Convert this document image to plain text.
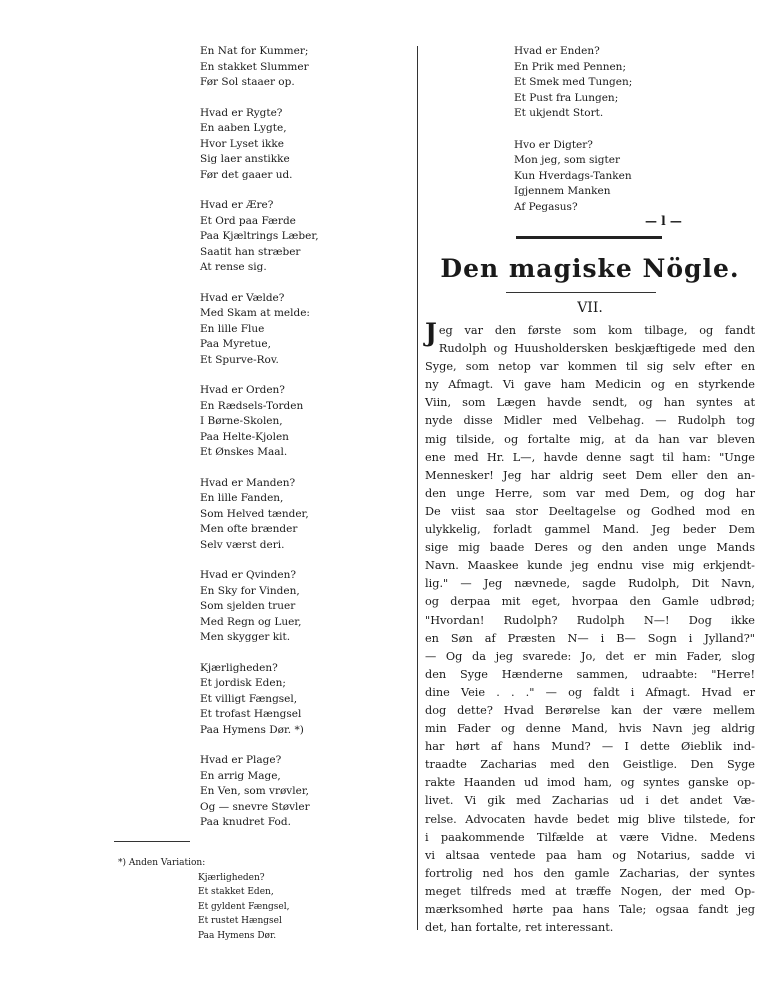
En Nat for Kummer;
En stakket Slummer
Før Sol staaer op.
Hvad er Rygte?
En aaben Lygte,
Hvor Lyset ikke
Sig laer anstikke
Før det gaaer ud.
Hvad er Ære?
Et Ord paa Færde
Paa Kjæltrings Læber,
Saatit han stræber
At rense sig.
Hvad er Vælde?
Med Skam at melde:
En lille Flue
Paa Myretue,
Et Spurve-Rov.
Hvad er Orden?
En Rædsels-Torden
I Børne-Skolen,
Paa Helte-Kjolen
Et Ønskes Maal.
Hvad er Manden?
En lille Fanden,
Som Helved tænder,
Men ofte brænder
Selv værst deri.
Hvad er Qvinden?
En Sky for Vinden,
Som sjelden truer
Med Regn og Luer,
Men skygger kit.
Kjærligheden?
Et jordisk Eden;
Et villigt Fængsel,
Et trofast Hængsel
Paa Hymens Dør. *)
Hvad er Plage?
En arrig Mage,
En Ven, som vrøvler,
Og — snevre Støvler
Paa knudret Fod.
*) Anden Variation:
Kjærligheden?
Et stakket Eden,
Et gyldent Fængsel,
Et rustet Hængsel
Paa Hymens Dør.
Hvad er Enden?
En Prik med Pennen;
Et Smek med Tungen;
Et Pust fra Lungen;
Et ukjendt Stort.
Hvo er Digter?
Mon jeg, som sigter
Kun Hverdags-Tanken
Igjennem Manken
Af Pegasus?
— l —
Den magiske Nögle.
VII.
J eg var den første som kom tilbage, og fandt
Rudolph og Huusholdersken beskjæftigede med den
Syge, som netop var kommen til sig selv efter en
ny Afmagt. Vi gave ham Medicin og en styrkende
Viin, som Lægen havde sendt, og han syntes at
nyde disse Midler med Velbehag. — Rudolph tog
mig tilside, og fortalte mig, at da han var bleven
ene med Hr. L—, havde denne sagt til ham: "Unge
Mennesker! Jeg har aldrig seet Dem eller den an-
den unge Herre, som var med Dem, og dog har
De viist saa stor Deeltagelse og Godhed mod en
ulykkelig, forladt gammel Mand. Jeg beder Dem
sige mig baade Deres og den anden unge Mands
Navn. Maaskee kunde jeg endnu vise mig erkjendt-
lig." — Jeg nævnede, sagde Rudolph, Dit Navn,
og derpaa mit eget, hvorpaa den Gamle udbrød;
"Hvordan! Rudolph? Rudolph N—! Dog ikke
en Søn af Præsten N— i B— Sogn i Jylland?"
— Og da jeg svarede: Jo, det er min Fader, slog
den Syge Hænderne sammen, udraabte: "Herre!
dine Veie . . ." — og faldt i Afmagt. Hvad er
dog dette? Hvad Berørelse kan der være mellem
min Fader og denne Mand, hvis Navn jeg aldrig
har hørt af hans Mund? — I dette Øieblik ind-
traadte Zacharias med den Geistlige. Den Syge
rakte Haanden ud imod ham, og syntes ganske op-
livet. Vi gik med Zacharias ud i det andet Væ-
relse. Advocaten havde bedet mig blive tilstede, for
i paakommende Tilfælde at være Vidne. Medens
vi altsaa ventede paa ham og Notarius, sadde vi
fortrolig ned hos den gamle Zacharias, der syntes
meget tilfreds med at træffe Nogen, der med Op-
mærksomhed hørte paa hans Tale; ogsaa fandt jeg
det, han fortalte, ret interessant.
